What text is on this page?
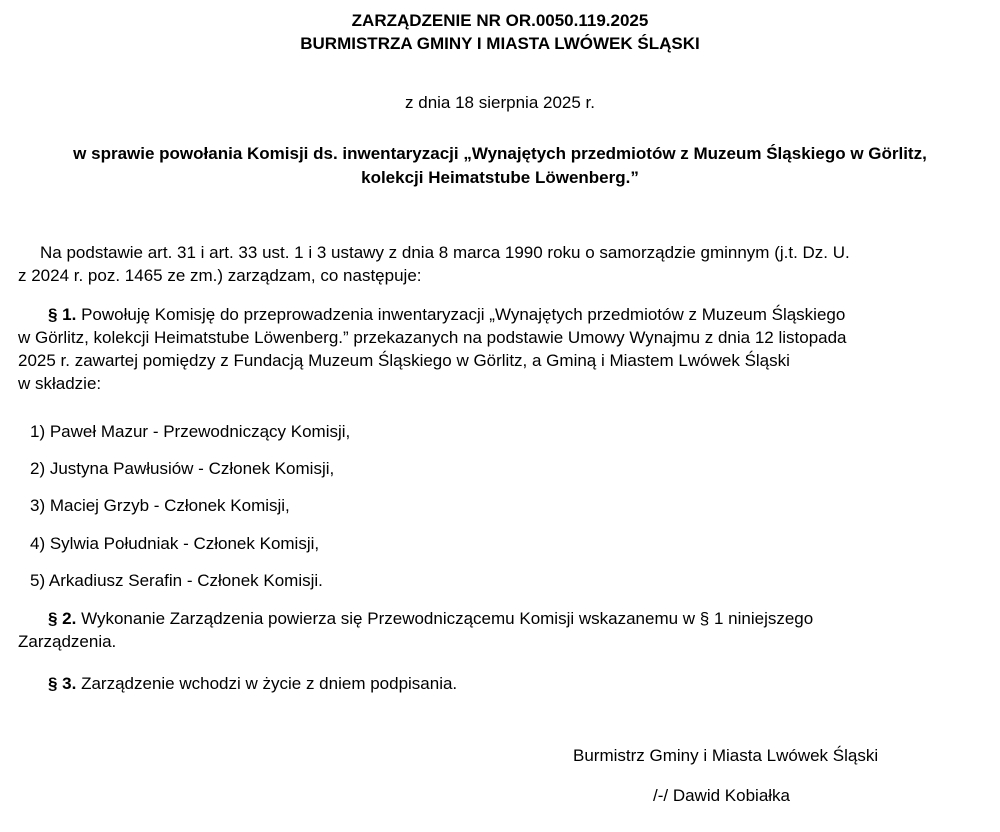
ZARZĄDZENIE NR OR.0050.119.2025
BURMISTRZA GMINY I MIASTA LWÓWEK ŚLĄSKI
z dnia 18 sierpnia 2025 r.
w sprawie powołania Komisji ds. inwentaryzacji „Wynajętych przedmiotów z Muzeum Śląskiego w Görlitz,
kolekcji Heimatstube Löwenberg.”
Na podstawie art. 31 i art. 33 ust. 1 i 3 ustawy z dnia 8 marca 1990 roku o samorządzie gminnym (j.t. Dz. U.
z 2024 r. poz. 1465 ze zm.) zarządzam, co następuje:
§ 1. Powołuję Komisję do przeprowadzenia inwentaryzacji „Wynajętych przedmiotów z Muzeum Śląskiego
w Görlitz, kolekcji Heimatstube Löwenberg.” przekazanych na podstawie Umowy Wynajmu z dnia 12 listopada
2025 r. zawartej pomiędzy z Fundacją Muzeum Śląskiego w Görlitz, a Gminą i Miastem Lwówek Śląski
w składzie:
1) Paweł Mazur - Przewodniczący Komisji,
2) Justyna Pawłusiów - Członek Komisji,
3) Maciej Grzyb - Członek Komisji,
4) Sylwia Południak - Członek Komisji,
5) Arkadiusz Serafin - Członek Komisji.
§ 2. Wykonanie Zarządzenia powierza się Przewodniczącemu Komisji wskazanemu w § 1 niniejszego
Zarządzenia.
§ 3. Zarządzenie wchodzi w życie z dniem podpisania.
Burmistrz Gminy i Miasta Lwówek Śląski
/-/ Dawid Kobiałka
